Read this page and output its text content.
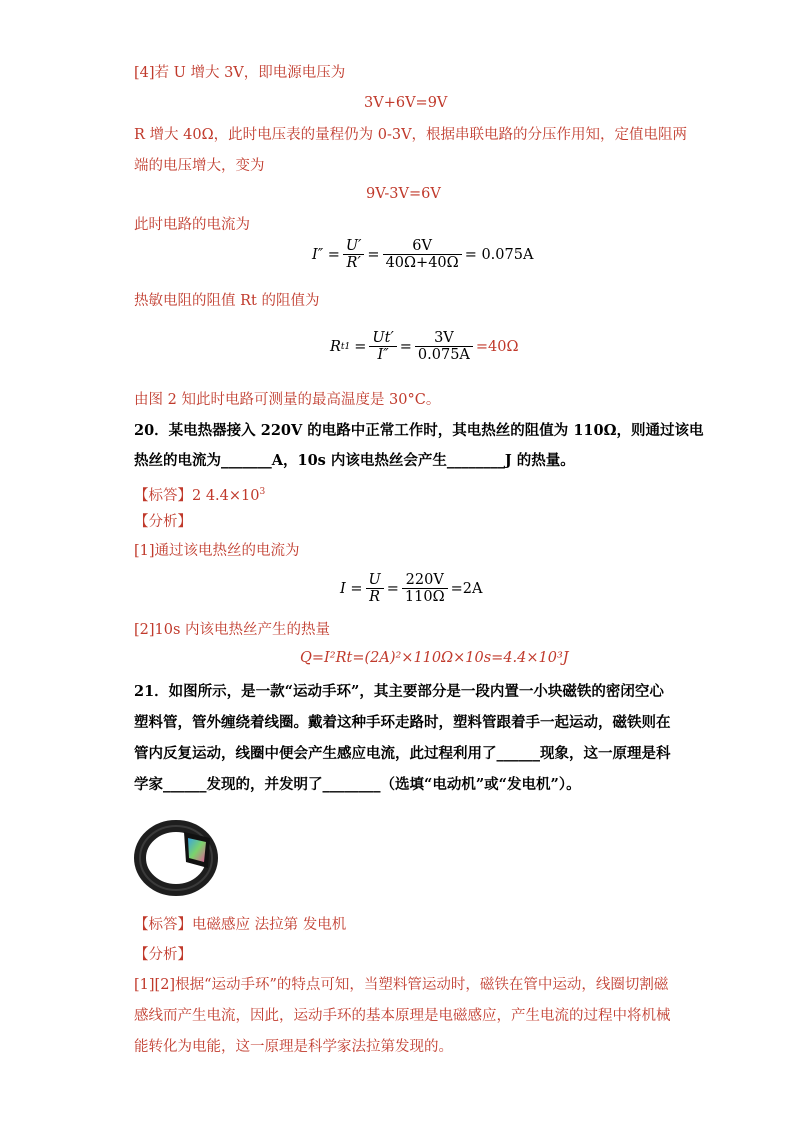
[4]若 U 增大 3V，即电源电压为
3V+6V=9V
R 增大 40Ω，此时电压表的量程仍为 0-3V，根据串联电路的分压作用知，定值电阻两
端的电压增大，变为
9V-3V=6V
此时电路的电流为
$I'' = \frac{U'}{R'} = \frac{6V}{40\Omega+40\Omega} = 0.075A$
热敏电阻的阻值 Rt 的阻值为
R $t1 = \frac{Ut'}{I''} = \frac{3V}{0.075A} =40\Omega$
由图 2 知此时电路可测量的最高温度是 30°C。
20．某电热器接入 220V 的电路中正常工作时，其电热丝的阻值为 110Ω，则通过该电
热丝的电流为_______A，10s 内该电热丝会产生________J 的热量。
【标答】2 $4.4\times 10^3$
【分析】
[1]通过该电热丝的电流为
$I = \frac{U}{R} = \frac{220V}{110\Omega} =2A$
[2]10s 内该电热丝产生的热量
Q=I²Rt=(2A)²×110Ω×10s=4.4×10³J
21．如图所示，是一款“运动手环”，其主要部分是一段内置一小块磁铁的密闭空心
塑料管，管外缠绕着线圈。戴着这种手环走路时，塑料管跟着手一起运动，磁铁则在
管内反复运动，线圈中便会产生感应电流，此过程利用了______现象，这一原理是科
学家______发现的，并发明了________（选填“电动机”或“发电机”）。
【标答】电磁感应 法拉第 发电机
【分析】
[1][2]根据“运动手环”的特点可知，当塑料管运动时，磁铁在管中运动，线圈切割磁
感线而产生电流，因此，运动手环的基本原理是电磁感应，产生电流的过程中将机械
能转化为电能，这一原理是科学家法拉第发现的。
